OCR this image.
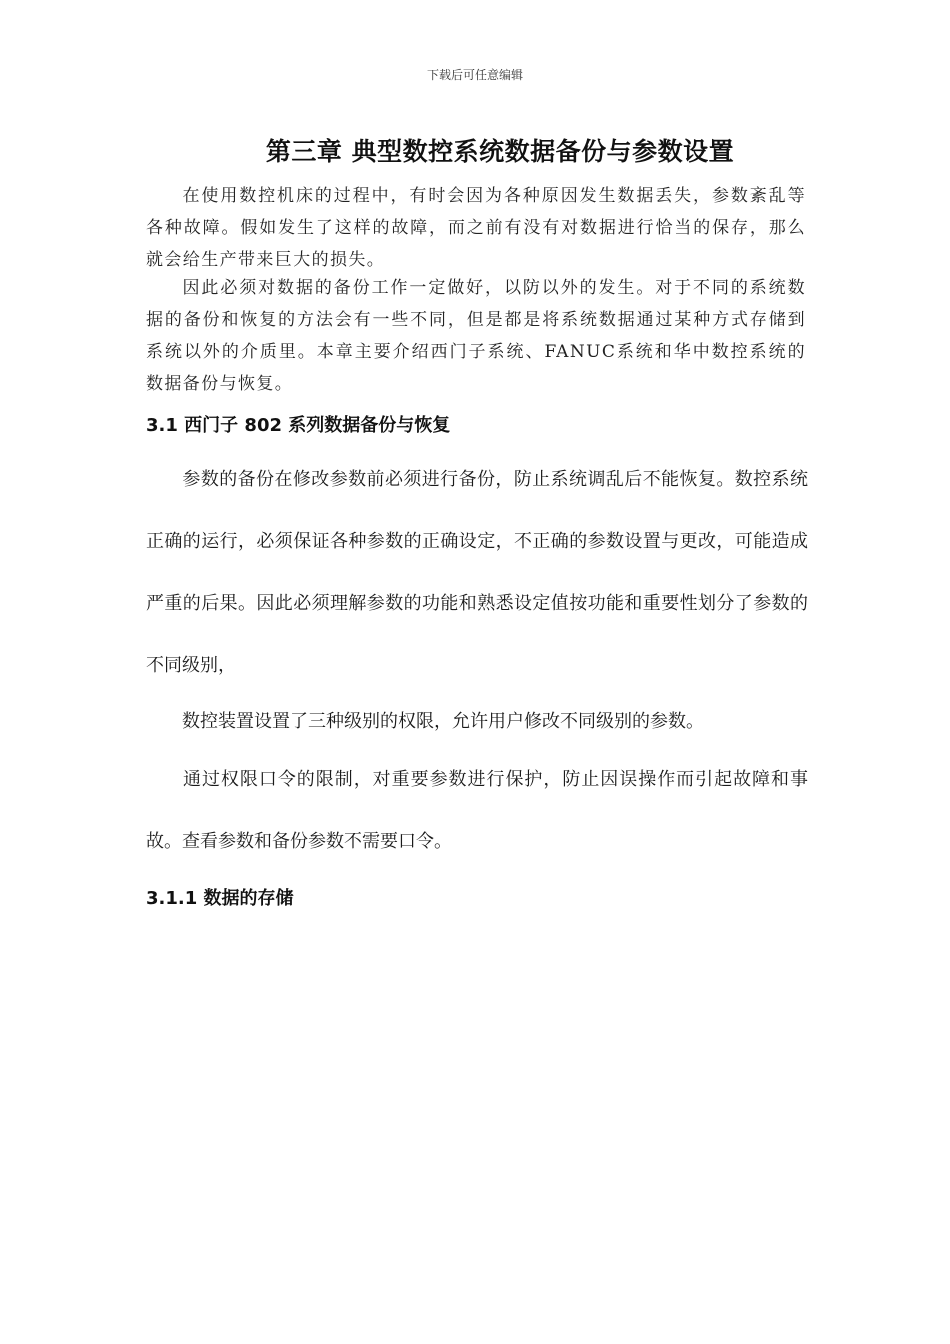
下载后可任意编辑
第三章 典型数控系统数据备份与参数设置
在使用数控机床的过程中，有时会因为各种原因发生数据丢失，参数紊乱等各种故障。假如发生了这样的故障，而之前有没有对数据进行恰当的保存，那么就会给生产带来巨大的损失。
因此必须对数据的备份工作一定做好，以防以外的发生。对于不同的系统数据的备份和恢复的方法会有一些不同，但是都是将系统数据通过某种方式存储到系统以外的介质里。本章主要介绍西门子系统、FANUC系统和华中数控系统的数据备份与恢复。
3.1 西门子 802 系列数据备份与恢复
参数的备份在修改参数前必须进行备份，防止系统调乱后不能恢复。数控系统正确的运行，必须保证各种参数的正确设定，不正确的参数设置与更改，可能造成严重的后果。因此必须理解参数的功能和熟悉设定值按功能和重要性划分了参数的不同级别，
数控装置设置了三种级别的权限，允许用户修改不同级别的参数。
通过权限口令的限制，对重要参数进行保护，防止因误操作而引起故障和事故。查看参数和备份参数不需要口令。
3.1.1 数据的存储
